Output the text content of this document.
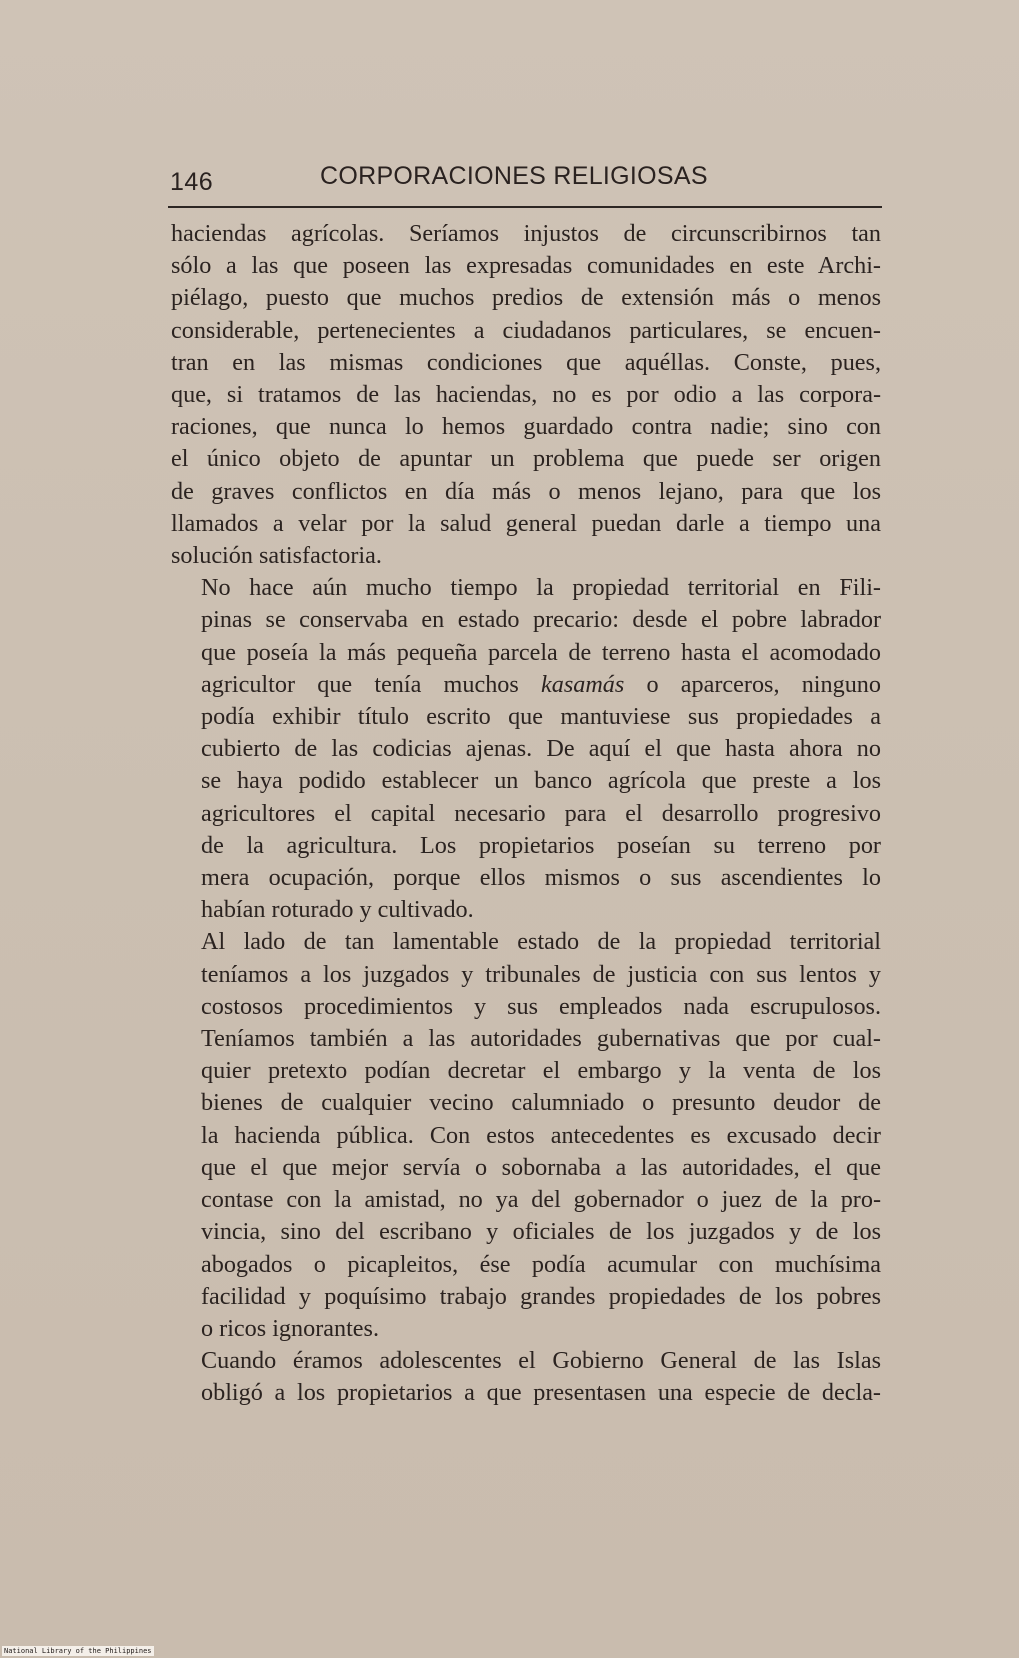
146	CORPORACIONES RELIGIOSAS

haciendas agrícolas. Seríamos injustos de circunscribirnos tan
sólo a las que poseen las expresadas comunidades en este Archi-
piélago, puesto que muchos predios de extensión más o menos
considerable, pertenecientes a ciudadanos particulares, se encuen-
tran en las mismas condiciones que aquéllas. Conste, pues,
que, si tratamos de las haciendas, no es por odio a las corpora-
raciones, que nunca lo hemos guardado contra nadie; sino con
el único objeto de apuntar un problema que puede ser origen
de graves conflictos en día más o menos lejano, para que los
llamados a velar por la salud general puedan darle a tiempo una
solución satisfactoria.

No hace aún mucho tiempo la propiedad territorial en Fili-
pinas se conservaba en estado precario: desde el pobre labrador
que poseía la más pequeña parcela de terreno hasta el acomodado
agricultor que tenía muchos kasamás o aparceros, ninguno
podía exhibir título escrito que mantuviese sus propiedades a
cubierto de las codicias ajenas. De aquí el que hasta ahora no
se haya podido establecer un banco agrícola que preste a los
agricultores el capital necesario para el desarrollo progresivo
de la agricultura. Los propietarios poseían su terreno por
mera ocupación, porque ellos mismos o sus ascendientes lo
habían roturado y cultivado.

Al lado de tan lamentable estado de la propiedad territorial
teníamos a los juzgados y tribunales de justicia con sus lentos y
costosos procedimientos y sus empleados nada escrupulosos.
Teníamos también a las autoridades gubernativas que por cual-
quier pretexto podían decretar el embargo y la venta de los
bienes de cualquier vecino calumniado o presunto deudor de
la hacienda pública. Con estos antecedentes es excusado decir
que el que mejor servía o sobornaba a las autoridades, el que
contase con la amistad, no ya del gobernador o juez de la pro-
vincia, sino del escribano y oficiales de los juzgados y de los
abogados o picapleitos, ése podía acumular con muchísima
facilidad y poquísimo trabajo grandes propiedades de los pobres
o ricos ignorantes.

Cuando éramos adolescentes el Gobierno General de las Islas
obligó a los propietarios a que presentasen una especie de decla-

National Library of the Philippines
